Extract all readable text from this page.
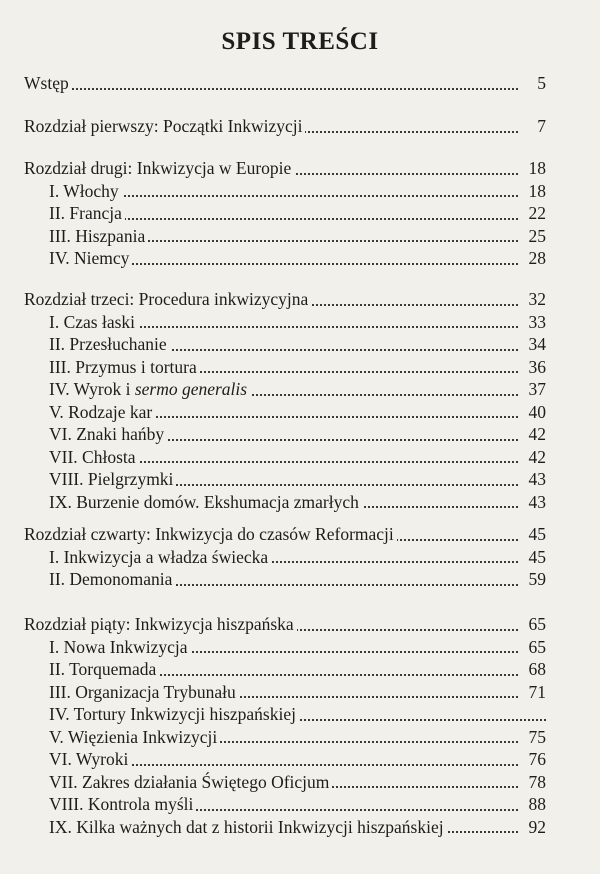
SPIS TREŚCI
Wstęp	5
Rozdział pierwszy: Początki Inkwizycji	7
Rozdział drugi: Inkwizycja w Europie	18
I. Włochy	18
II. Francja	22
III. Hiszpania	25
IV. Niemcy	28
Rozdział trzeci: Procedura inkwizycyjna	32
I. Czas łaski	33
II. Przesłuchanie	34
III. Przymus i tortura	36
IV. Wyrok i sermo generalis	37
V. Rodzaje kar	40
VI. Znaki hańby	42
VII. Chłosta	42
VIII. Pielgrzymki	43
IX. Burzenie domów. Ekshumacja zmarłych	43
Rozdział czwarty: Inkwizycja do czasów Reformacji	45
I. Inkwizycja a władza świecka	45
II. Demonomania	59
Rozdział piąty: Inkwizycja hiszpańska	65
I. Nowa Inkwizycja	65
II. Torquemada	68
III. Organizacja Trybunału	71
IV. Tortury Inkwizycji hiszpańskiej
V. Więzienia Inkwizycji	75
VI. Wyroki	76
VII. Zakres działania Świętego Oficjum	78
VIII. Kontrola myśli	88
IX. Kilka ważnych dat z historii Inkwizycji hiszpańskiej	92
